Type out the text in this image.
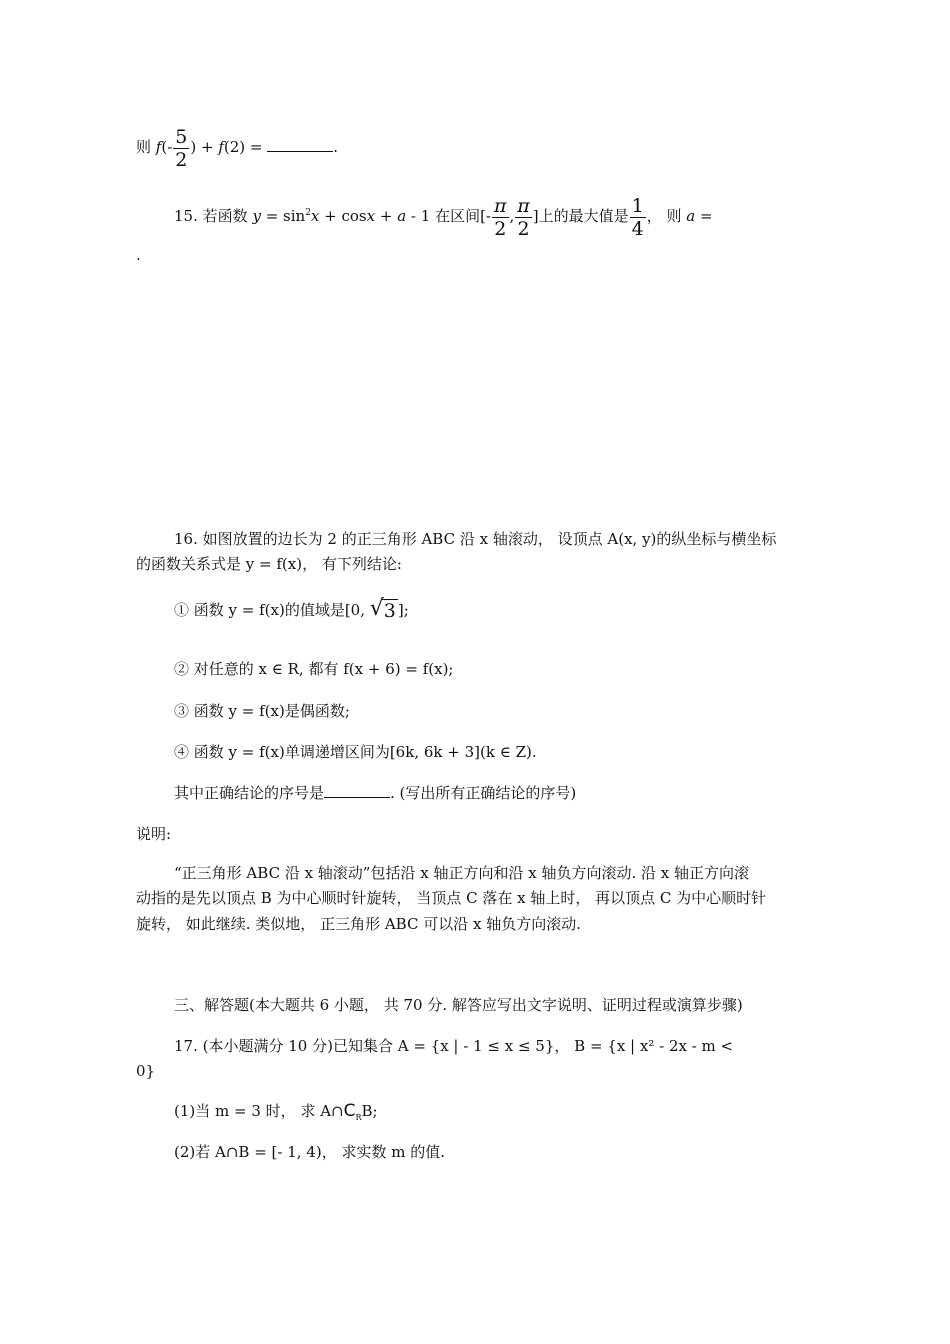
则 $f(- \frac{5}{2}$ ) + f(2) =	.
15. 若函数 $y = \sin^2x + \cos x + a - 1$ 在区间[- $\frac{\pi}{2}$ , $\frac{\pi}{2}$ ]上的最大值是 $\frac{1}{4}$ ， 则 a =
.
16. 如图放置的边长为 2 的正三角形 ABC 沿 x 轴滚动， 设顶点 A(x, y)的纵坐标与横坐标
的函数关系式是 y = f(x)， 有下列结论:
① 函数 y = f(x)的值域是[0, √ 3 ];
② 对任意的 x ∈ R, 都有 f(x + 6) = f(x);
③ 函数 y = f(x)是偶函数;
④ 函数 y = f(x)单调递增区间为[6k, 6k + 3](k ∈ Z).
其中正确结论的序号是	. (写出所有正确结论的序号)
说明:
“正三角形 ABC 沿 x 轴滚动”包括沿 x 轴正方向和沿 x 轴负方向滚动. 沿 x 轴正方向滚
动指的是先以顶点 B 为中心顺时针旋转， 当顶点 C 落在 x 轴上时， 再以顶点 C 为中心顺时针
旋转， 如此继续. 类似地， 正三角形 ABC 可以沿 x 轴负方向滚动.
三、解答题(本大题共 6 小题， 共 70 分. 解答应写出文字说明、证明过程或演算步骤)
17. (本小题满分 10 分)已知集合 A = {x | - 1 ≤ x ≤ 5}， B = {x | x² - 2x - m <
0}
(1)当 m = 3 时， 求 $A\cap C_RB$;
(2)若 A∩B = [- 1, 4)， 求实数 m 的值.
